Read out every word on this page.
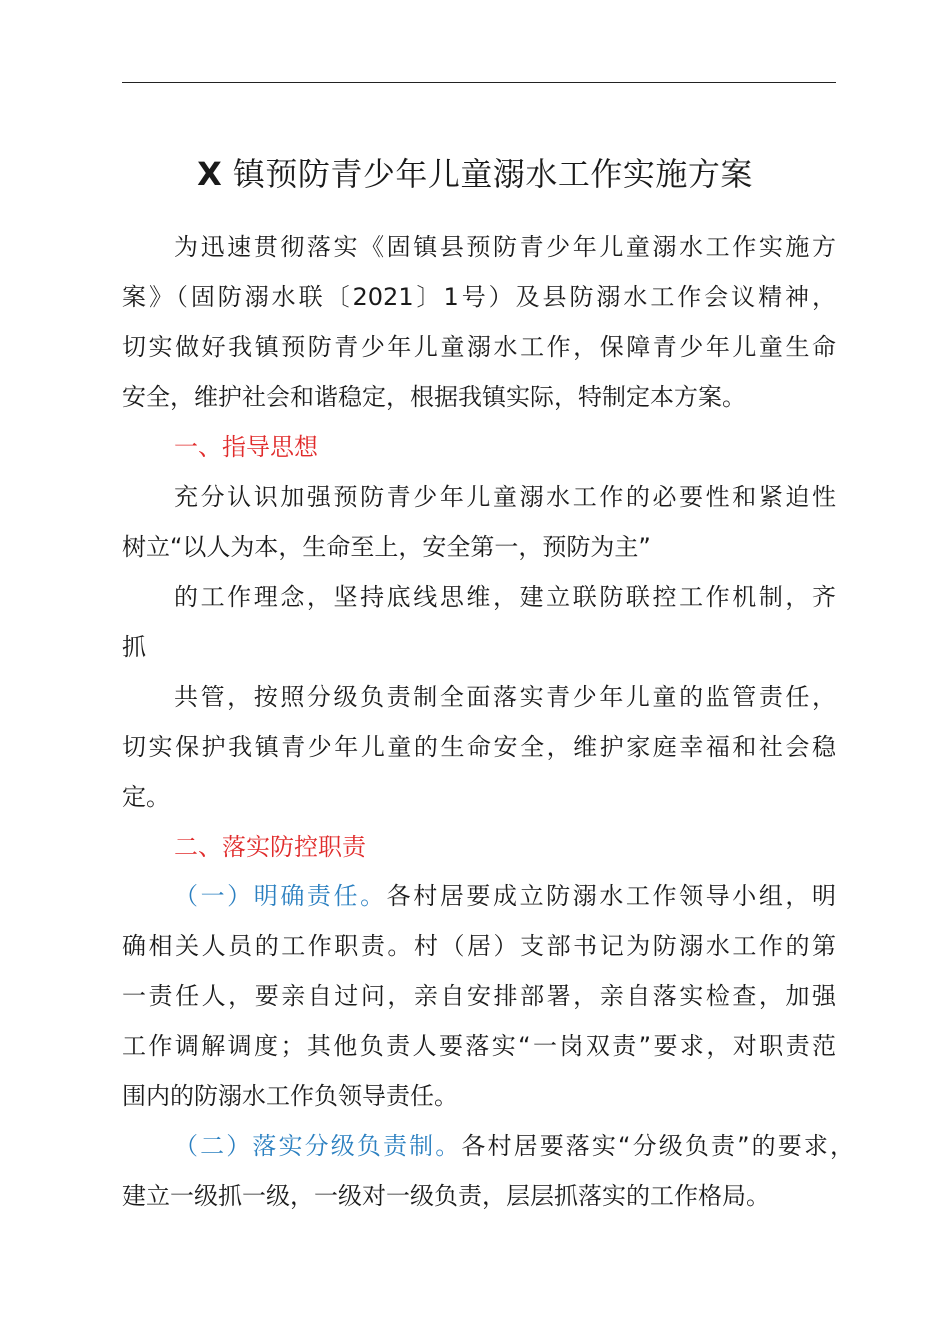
X 镇预防青少年儿童溺水工作实施方案
为迅速贯彻落实《固镇县预防青少年儿童溺水工作实施方
案》（固防溺水联〔2021〕1号）及县防溺水工作会议精神，
切实做好我镇预防青少年儿童溺水工作，保障青少年儿童生命
安全，维护社会和谐稳定，根据我镇实际，特制定本方案。
一、指导思想
充分认识加强预防青少年儿童溺水工作的必要性和紧迫性
树立“以人为本，生命至上，安全第一，预防为主”
的工作理念，坚持底线思维，建立联防联控工作机制，齐
抓
共管，按照分级负责制全面落实青少年儿童的监管责任，
切实保护我镇青少年儿童的生命安全，维护家庭幸福和社会稳
定。
二、落实防控职责
（一）明确责任。各村居要成立防溺水工作领导小组，明
确相关人员的工作职责。村（居）支部书记为防溺水工作的第
一责任人，要亲自过问，亲自安排部署，亲自落实检查，加强
工作调解调度；其他负责人要落实“一岗双责”要求，对职责范
围内的防溺水工作负领导责任。
（二）落实分级负责制。各村居要落实“分级负责”的要求，
建立一级抓一级，一级对一级负责，层层抓落实的工作格局。
